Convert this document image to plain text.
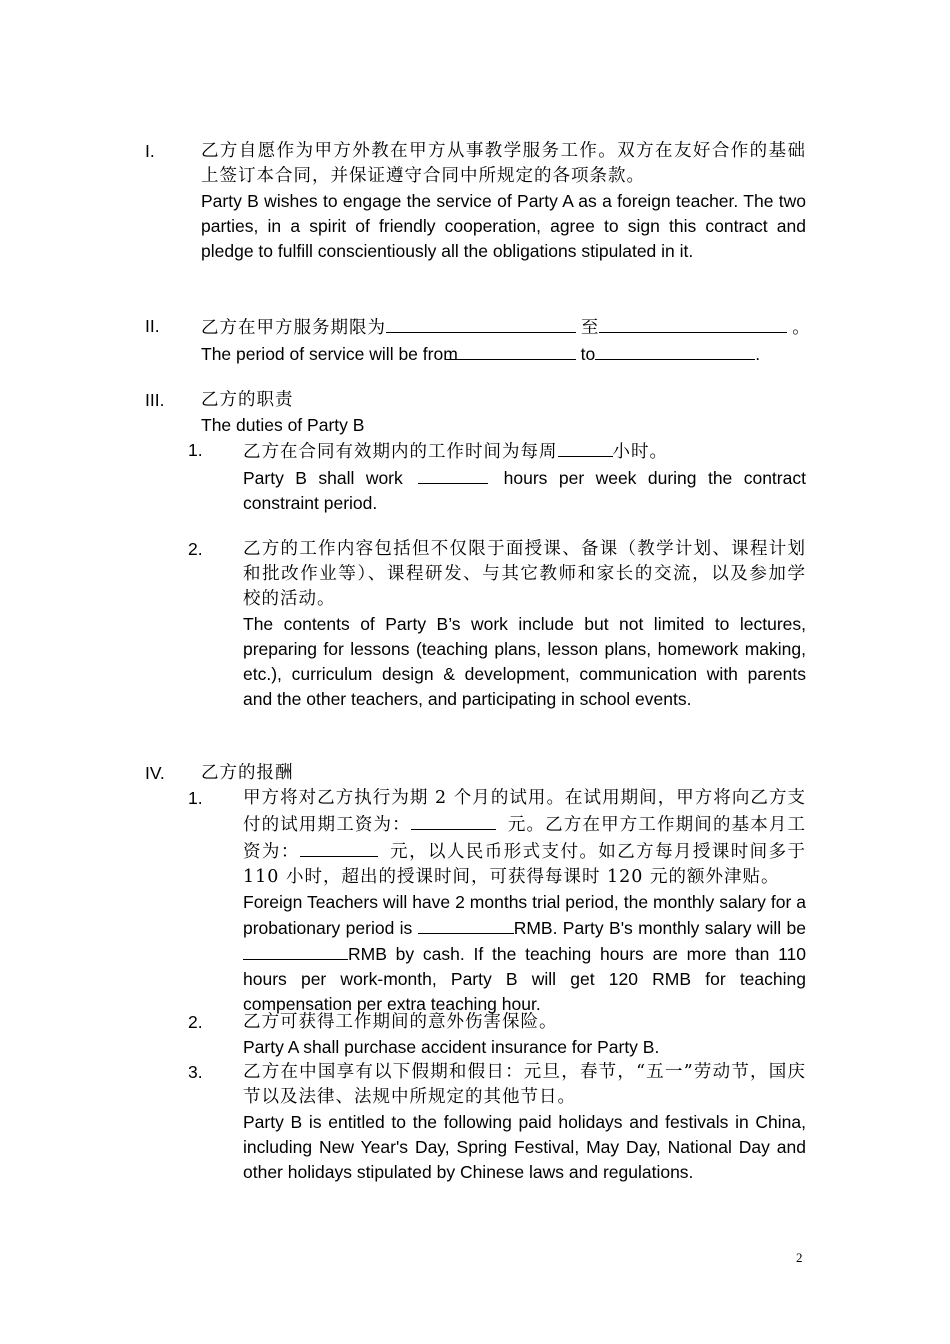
I.	乙方自愿作为甲方外教在甲方从事教学服务工作。双方在友好合作的基础上签订本合同，并保证遵守合同中所规定的各项条款。
Party B wishes to engage the service of Party A as a foreign teacher. The two parties, in a spirit of friendly cooperation, agree to sign this contract and pledge to fulfill conscientiously all the obligations stipulated in it.
II. 乙方在甲方服务期限为	至	。
The period of service will be from	to	.
III. 乙方的职责
The duties of Party B
1. 乙方在合同有效期内的工作时间为每周	小时。
Party B shall work	hours per week during the contract constraint period.
2. 乙方的工作内容包括但不仅限于面授课、备课（教学计划、课程计划和批改作业等）、课程研发、与其它教师和家长的交流，以及参加学校的活动。
The contents of Party B’s work include but not limited to lectures, preparing for lessons (teaching plans, lesson plans, homework making, etc.), curriculum design & development, communication with parents and the other teachers, and participating in school events.
IV. 乙方的报酬
1. 甲方将对乙方执行为期 2 个月的试用。在试用期间，甲方将向乙方支付的试用期工资为：	元。乙方在甲方工作期间的基本月工资为：	元，以人民币形式支付。如乙方每月授课时间多于 110 小时，超出的授课时间，可获得每课时 120 元的额外津贴。
Foreign Teachers will have 2 months trial period, the monthly salary for a probationary period is	RMB. Party B's monthly salary will be RMB by cash. If the teaching hours are more than 110 hours per work-month, Party B will get 120 RMB for teaching compensation per extra teaching hour.
2. 乙方可获得工作期间的意外伤害保险。
Party A shall purchase accident insurance for Party B.
3. 乙方在中国享有以下假期和假日：元旦，春节，“五一”劳动节，国庆节以及法律、法规中所规定的其他节日。
Party B is entitled to the following paid holidays and festivals in China, including New Year's Day, Spring Festival, May Day, National Day and other holidays stipulated by Chinese laws and regulations.
2
